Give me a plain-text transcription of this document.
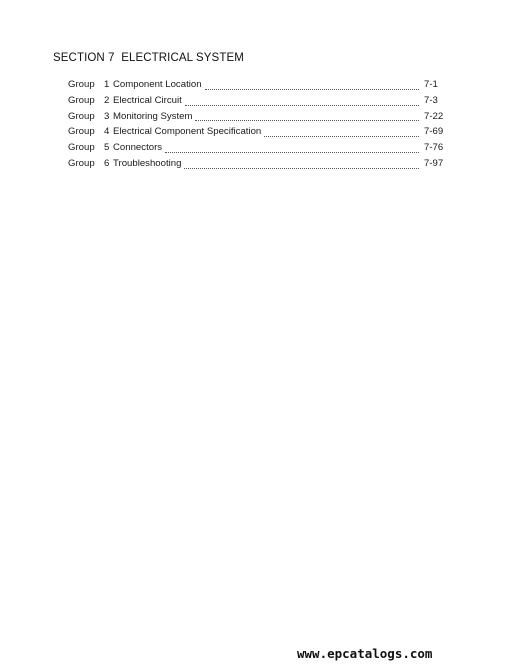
SECTION 7  ELECTRICAL SYSTEM
Group 1 Component Location	7-1
Group 2 Electrical Circuit	7-3
Group 3 Monitoring System	7-22
Group 4 Electrical Component Specification	7-69
Group 5 Connectors	7-76
Group 6 Troubleshooting	7-97
www.epcatalogs.com
